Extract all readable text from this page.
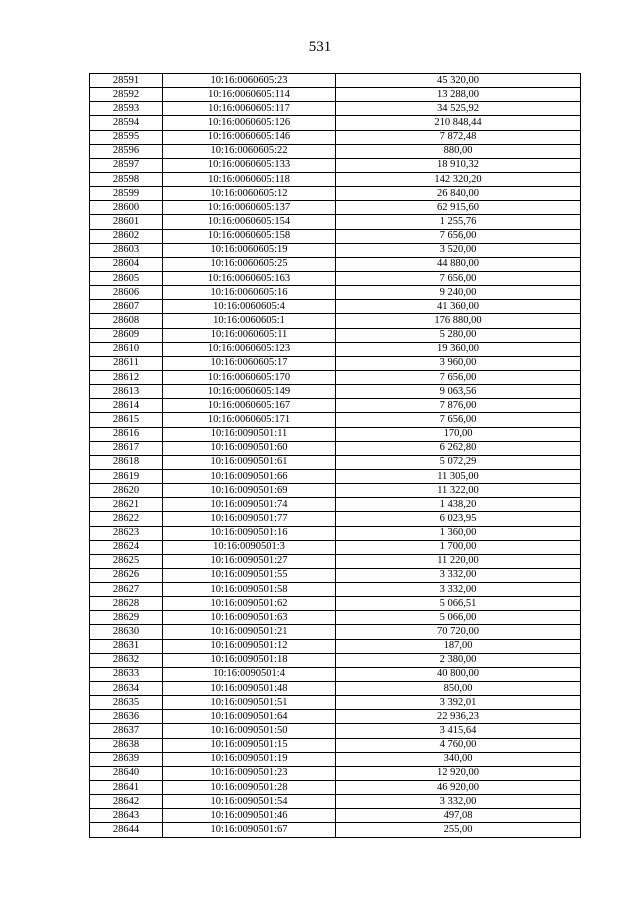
531
28591	10:16:0060605:23	45 320,00
28592	10:16:0060605:114	13 288,00
28593	10:16:0060605:117	34 525,92
28594	10:16:0060605:126	210 848,44
28595	10:16:0060605:146	7 872,48
28596	10:16:0060605:22	880,00
28597	10:16:0060605:133	18 910,32
28598	10:16:0060605:118	142 320,20
28599	10:16:0060605:12	26 840,00
28600	10:16:0060605:137	62 915,60
28601	10:16:0060605:154	1 255,76
28602	10:16:0060605:158	7 656,00
28603	10:16:0060605:19	3 520,00
28604	10:16:0060605:25	44 880,00
28605	10:16:0060605:163	7 656,00
28606	10:16:0060605:16	9 240,00
28607	10:16:0060605:4	41 360,00
28608	10:16:0060605:1	176 880,00
28609	10:16:0060605:11	5 280,00
28610	10:16:0060605:123	19 360,00
28611	10:16:0060605:17	3 960,00
28612	10:16:0060605:170	7 656,00
28613	10:16:0060605:149	9 063,56
28614	10:16:0060605:167	7 876,00
28615	10:16:0060605:171	7 656,00
28616	10:16:0090501:11	170,00
28617	10:16:0090501:60	6 262,80
28618	10:16:0090501:61	5 072,29
28619	10:16:0090501:66	11 305,00
28620	10:16:0090501:69	11 322,00
28621	10:16:0090501:74	1 438,20
28622	10:16:0090501:77	6 023,95
28623	10:16:0090501:16	1 360,00
28624	10:16:0090501:3	1 700,00
28625	10:16:0090501:27	11 220,00
28626	10:16:0090501:55	3 332,00
28627	10:16:0090501:58	3 332,00
28628	10:16:0090501:62	5 066,51
28629	10:16:0090501:63	5 066,00
28630	10:16:0090501:21	70 720,00
28631	10:16:0090501:12	187,00
28632	10:16:0090501:18	2 380,00
28633	10:16:0090501:4	40 800,00
28634	10:16:0090501:48	850,00
28635	10:16:0090501:51	3 392,01
28636	10:16:0090501:64	22 936,23
28637	10:16:0090501:50	3 415,64
28638	10:16:0090501:15	4 760,00
28639	10:16:0090501:19	340,00
28640	10:16:0090501:23	12 920,00
28641	10:16:0090501:28	46 920,00
28642	10:16:0090501:54	3 332,00
28643	10:16:0090501:46	497,08
28644	10:16:0090501:67	255,00
